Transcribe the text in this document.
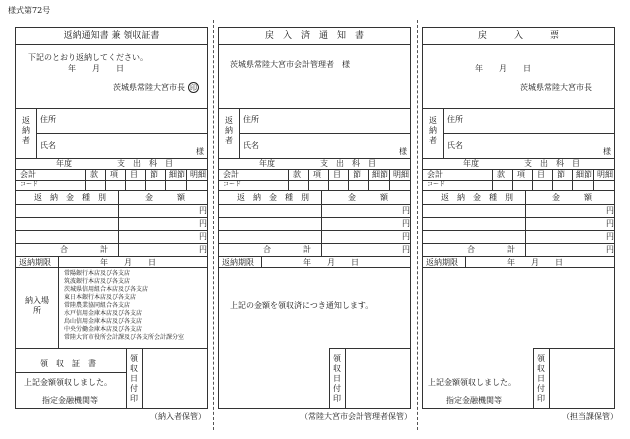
様式第72号
返納通知書 兼 領収証書
下記のとおり返納してください。
年　　月　　日
茨城県常陸大宮市長 印
返納者
住所
氏名
様
年度	支　出　科　目
会計
コード
款 項 目 節 細節 明細
返　納　金　種　別	金　　　額
円
円
円
合　　　　計	円
返納期限	年　　月　　日
納入場所
常陽銀行本店及び各支店
筑波銀行本店及び各支店
茨城県信用組合本店及び各支店
東日本銀行本店及び各支店
常陸農業協同組合各支店
水戸信用金庫本店及び各支店
烏山信用金庫本店及び各支店
中央労働金庫本店及び各支店
常陸大宮市役所会計課及び各支所会計課分室
領　収　証　書
上記金額領収しました。
指定金融機関等
領収日付印
（納入者保管）
戻　入　済　通　知　書
茨城県常陸大宮市会計管理者　様
返納者
住所
氏名
様
年度	支　出　科　目
会計
コード
款 項 目 節 細節 明細
返　納　金　種　別	金　　　額
円
円
円
合　　　　計	円
返納期限	年　　月　　日
上記の金額を領収済につき通知します。
領収日付印
（常陸大宮市会計管理者保管）
戻　　　入　　　票
年　　月　　日
茨城県常陸大宮市長
返納者
住所
氏名
様
年度	支　出　科　目
会計
コード
款 項 目 節 細節 明細
返　納　金　種　別	金　　　額
円
円
円
合　　　　計	円
返納期限	年　　月　　日
上記金額領収しました。
指定金融機関等
領収日付印
（担当課保管）
